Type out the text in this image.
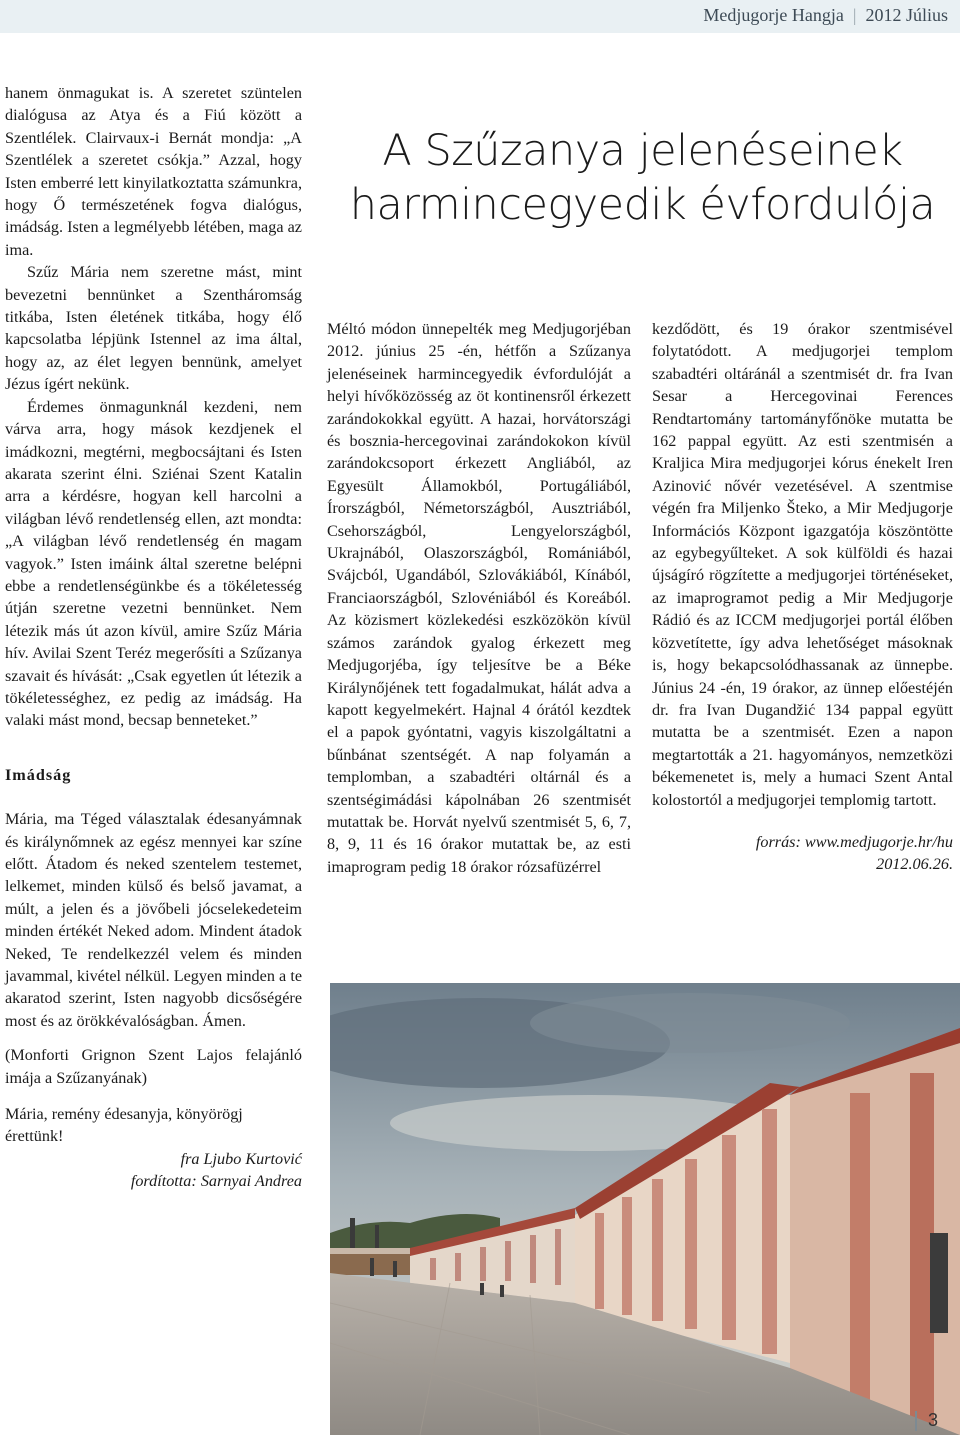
Medjugorje Hangja | 2012 Július

hanem önmagukat is. A szeretet szüntelen dialógusa az Atya és a Fiú között a Szentlélek. Clairvaux-i Bernát mondja: „A Szentlélek a szeretet csókja.” Azzal, hogy Isten emberré lett kinyilatkoztatta számunkra, hogy Ő természetének fogva dialógus, imádság. Isten a legmélyebb létében, maga az ima.

Szűz Mária nem szeretne mást, mint bevezetni bennünket a Szentháromság titkába, Isten életének titkába, hogy élő kapcsolatba lépjünk Istennel az ima által, hogy az, az élet legyen bennünk, amelyet Jézus ígért nekünk.

Érdemes önmagunknál kezdeni, nem várva arra, hogy mások kezdjenek el imádkozni, megtérni, megbocsájtani és Isten akarata szerint élni. Sziénai Szent Katalin arra a kérdésre, hogyan kell harcolni a világban lévő rendetlenség ellen, azt mondta: „A világban lévő rendetlenség én magam vagyok.” Isten imáink által szeretne belépni ebbe a rendetlenségünkbe és a tökéletesség útján szeretne vezetni bennünket. Nem létezik más út azon kívül, amire Szűz Mária hív. Avilai Szent Teréz megerősíti a Szűzanya szavait és hívását: „Csak egyetlen út létezik a tökéletességhez, ez pedig az imádság. Ha valaki mást mond, becsap benneteket.”

Imádság

Mária, ma Téged választalak édesanyámnak és királynőmnek az egész mennyei kar színe előtt. Átadom és neked szentelem testemet, lelkemet, minden külső és belső javamat, a múlt, a jelen és a jövőbeli jócselekedeteim minden értékét Neked adom. Mindent átadok Neked, Te rendelkezzél velem és minden javammal, kivétel nélkül. Legyen minden a te akaratod szerint, Isten nagyobb dicsőségére most és az örökkévalóságban. Ámen.

(Monforti Grignon Szent Lajos felajánló imája a Szűzanyának)

Mária, remény édesanyja, könyörögj érettünk!

fra Ljubo Kurtović

fordította: Sarnyai Andrea

A Szűzanya jelenéseinek harmincegyedik évfordulója

Méltó módon ünnepelték meg Medjugorjéban 2012. június 25 -én, hétfőn a Szűzanya jelenéseinek harmincegyedik évfordulóját a helyi hívőközösség az öt kontinensről érkezett zarándokokkal együtt. A hazai, horvátországi és bosznia-hercegovinai zarándokokon kívül zarándokcsoport érkezett Angliából, az Egyesült Államokból, Portugáliából, Írországból, Németországból, Ausztriából, Csehországból, Lengyelországból, Ukrajnából, Olaszországból, Romániából, Svájcból, Ugandából, Szlovákiából, Kínából, Franciaországból, Szlovéniából és Koreából. Az közismert közlekedési eszközökön kívül számos zarándok gyalog érkezett meg Medjugorjéba, így teljesítve be a Béke Királynőjének tett fogadalmukat, hálát adva a kapott kegyelmekért. Hajnal 4 órától kezdtek el a papok gyóntatni, vagyis kiszolgáltatni a bűnbánat szentségét. A nap folyamán a templomban, a szabadtéri oltárnál és a szentségimádási kápolnában 26 szentmisét mutattak be. Horvát nyelvű szentmisét 5, 6, 7, 8, 9, 11 és 16 órakor mutattak be, az esti imaprogram pedig 18 órakor rózsafüzérrel

kezdődött, és 19 órakor szentmisével folytatódott. A medjugorjei templom szabadtéri oltáránál a szentmisét dr. fra Ivan Sesar a Hercegovinai Ferences Rendtartomány tartományfőnöke mutatta be 162 pappal együtt. Az esti szentmisén a Kraljica Mira medjugorjei kórus énekelt Iren Azinović nővér vezetésével. A szentmise végén fra Miljenko Šteko, a Mir Medjugorje Információs Központ igazgatója köszöntötte az egybegyűlteket. A sok külföldi és hazai újságíró rögzítette a medjugorjei történéseket, az imaprogramot pedig a Mir Medjugorje Rádió és az ICCM medjugorjei portál élőben közvetítette, így adva lehetőséget másoknak is, hogy bekapcsolódhassanak az ünnepbe. Június 24 -én, 19 órakor, az ünnep előestéjén dr. fra Ivan Dugandžić 134 pappal együtt mutatta be a szentmisét. Ezen a napon megtartották a 21. hagyományos, nemzetközi békemenetet is, mely a humaci Szent Antal kolostortól a medjugorjei templomig tartott.

forrás: www.medjugorje.hr/hu

2012.06.26.

3
